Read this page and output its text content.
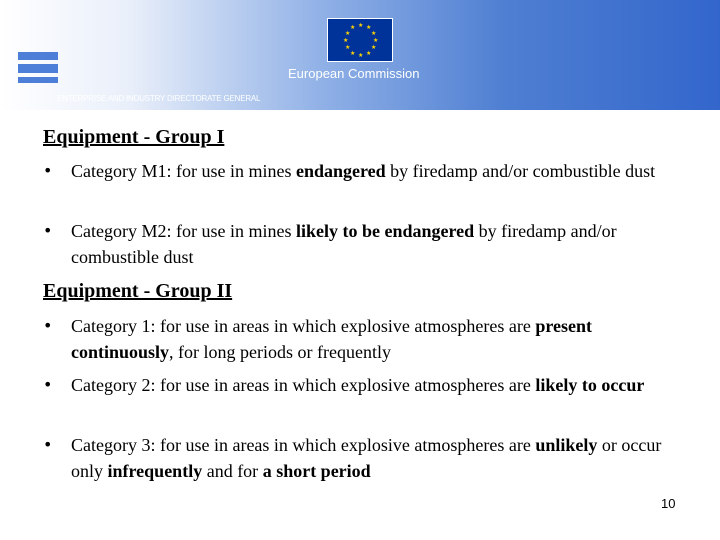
★ ★
★
★
★
★
★
★
★
★
★
★
European Commission
ENTERPRISE AND INDUSTRY DIRECTORATE GENERAL
Equipment - Group I
• Category M1: for use in mines endangered by firedamp and/or combustible dust
• Category M2: for use in mines likely to be endangered by firedamp and/or combustible dust
Equipment - Group II
• Category 1: for use in areas in which explosive atmospheres are present continuously, for long periods or frequently
• Category 2: for use in areas in which explosive atmospheres are likely to occur
• Category 3: for use in areas in which explosive atmospheres are unlikely or occur only infrequently and for a short period
10
